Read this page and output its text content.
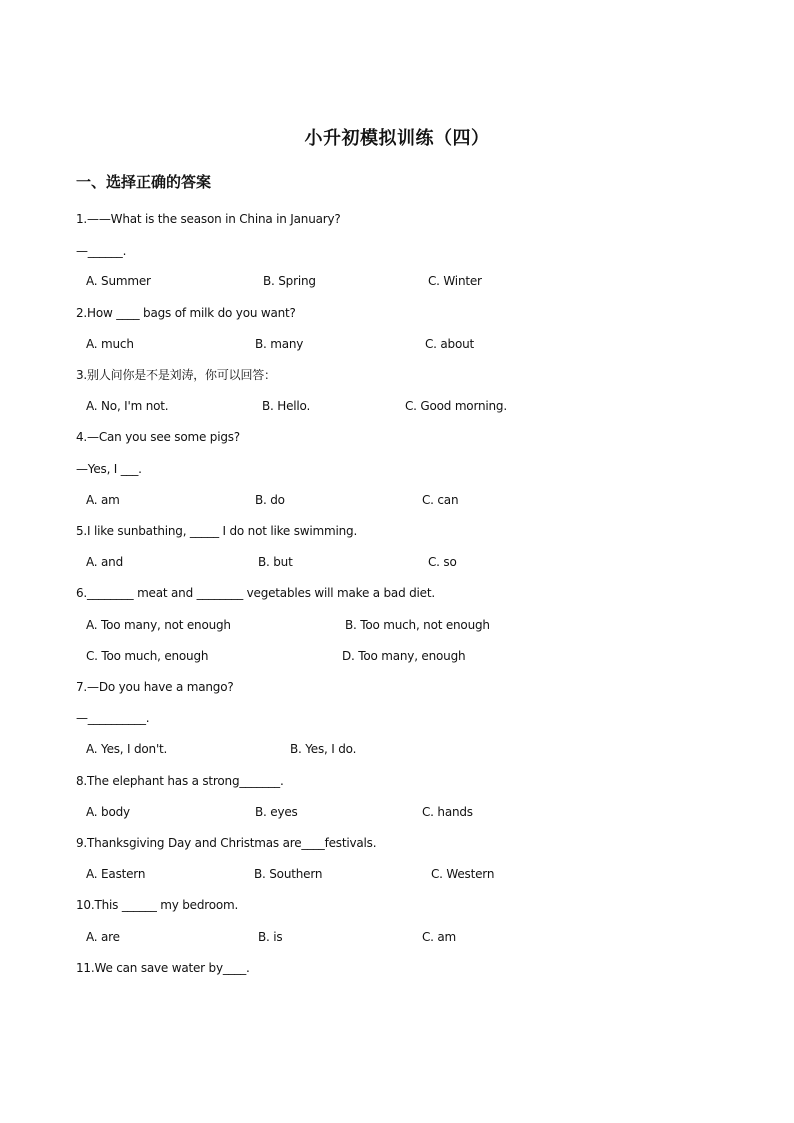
小升初模拟训练（四）
一、选择正确的答案
1.——What is the season in China in January?
—______.
A. Summer	B. Spring	C. Winter
2.How ____ bags of milk do you want?
A. much	B. many	C. about
3.别人问你是不是刘涛，你可以回答：
A. No, I'm not.	B. Hello.	C. Good morning.
4.—Can you see some pigs?
—Yes, I ___.
A. am	B. do	C. can
5.I like sunbathing, _____ I do not like swimming.
A. and	B. but	C. so
6.________ meat and ________ vegetables will make a bad diet.
A. Too many, not enough	B. Too much, not enough
C. Too much, enough	D. Too many, enough
7.—Do you have a mango?
—__________.
A. Yes, I don't.	B. Yes, I do.
8.The elephant has a strong_______.
A. body	B. eyes	C. hands
9.Thanksgiving Day and Christmas are____festivals.
A. Eastern	B. Southern	C. Western
10.This ______ my bedroom.
A. are	B. is	C. am
11.We can save water by____.
